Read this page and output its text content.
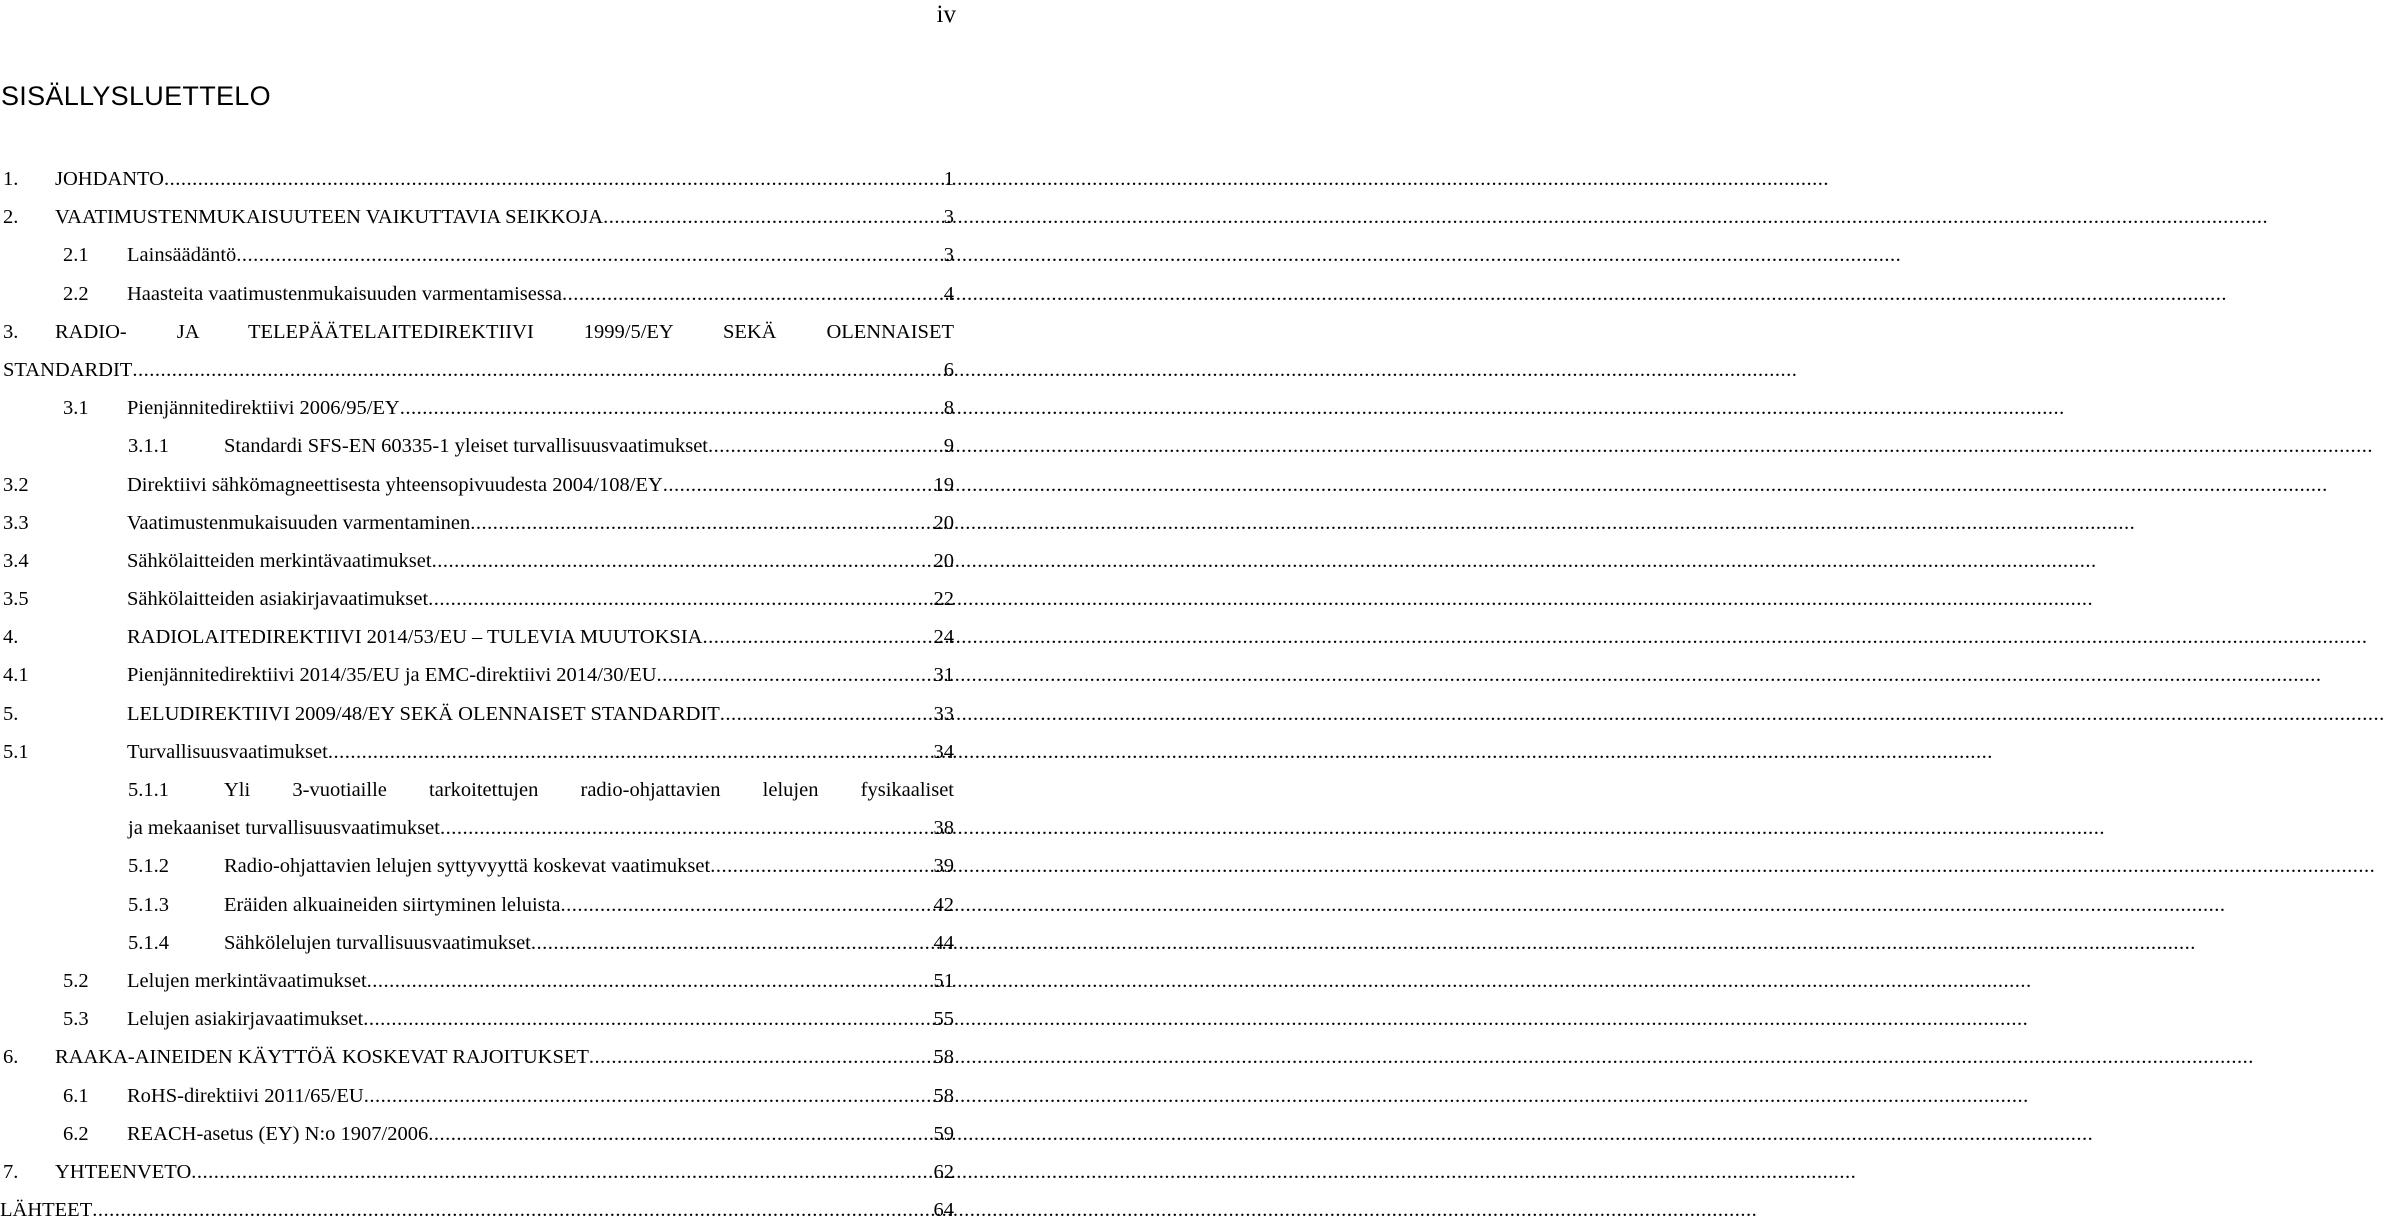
iv
SISÄLLYSLUETTELO
1.	JOHDANTO .....	1
2.	VAATIMUSTENMUKAISUUTEEN VAIKUTTAVIA SEIKKOJA .....	3
2.1	Lainsäädäntö .....	3
2.2	Haasteita vaatimustenmukaisuuden varmentamisessa .....	4
3.	RADIO- JA TELEPÄÄTELAITEDIREKTIIVI 1999/5/EY SEKÄ OLENNAISET
STANDARDIT .....	6
3.1	Pienjännitedirektiivi 2006/95/EY .....	8
3.1.1	Standardi SFS-EN 60335-1 yleiset turvallisuusvaatimukset .....	9
3.2	Direktiivi sähkömagneettisesta yhteensopivuudesta 2004/108/EY .....	19
3.3	Vaatimustenmukaisuuden varmentaminen .....	20
3.4	Sähkölaitteiden merkintävaatimukset .....	20
3.5	Sähkölaitteiden asiakirjavaatimukset .....	22
4.	RADIOLAITEDIREKTIIVI 2014/53/EU – TULEVIA MUUTOKSIA .....	24
4.1	Pienjännitedirektiivi 2014/35/EU ja EMC-direktiivi 2014/30/EU .....	31
5.	LELUDIREKTIIVI 2009/48/EY SEKÄ OLENNAISET STANDARDIT .....	33
5.1	Turvallisuusvaatimukset .....	34
5.1.1	Yli 3-vuotiaille tarkoitettujen radio-ohjattavien lelujen fysikaaliset
ja mekaaniset turvallisuusvaatimukset .....	38
5.1.2	Radio-ohjattavien lelujen syttyvyyttä koskevat vaatimukset .....	39
5.1.3	Eräiden alkuaineiden siirtyminen leluista .....	42
5.1.4	Sähkölelujen turvallisuusvaatimukset .....	44
5.2	Lelujen merkintävaatimukset .....	51
5.3	Lelujen asiakirjavaatimukset .....	55
6.	RAAKA-AINEIDEN KÄYTTÖÄ KOSKEVAT RAJOITUKSET .....	58
6.1	RoHS-direktiivi 2011/65/EU .....	58
6.2	REACH-asetus (EY) N:o 1907/2006 .....	59
7.	YHTEENVETO .....	62
LÄHTEET .....	64
